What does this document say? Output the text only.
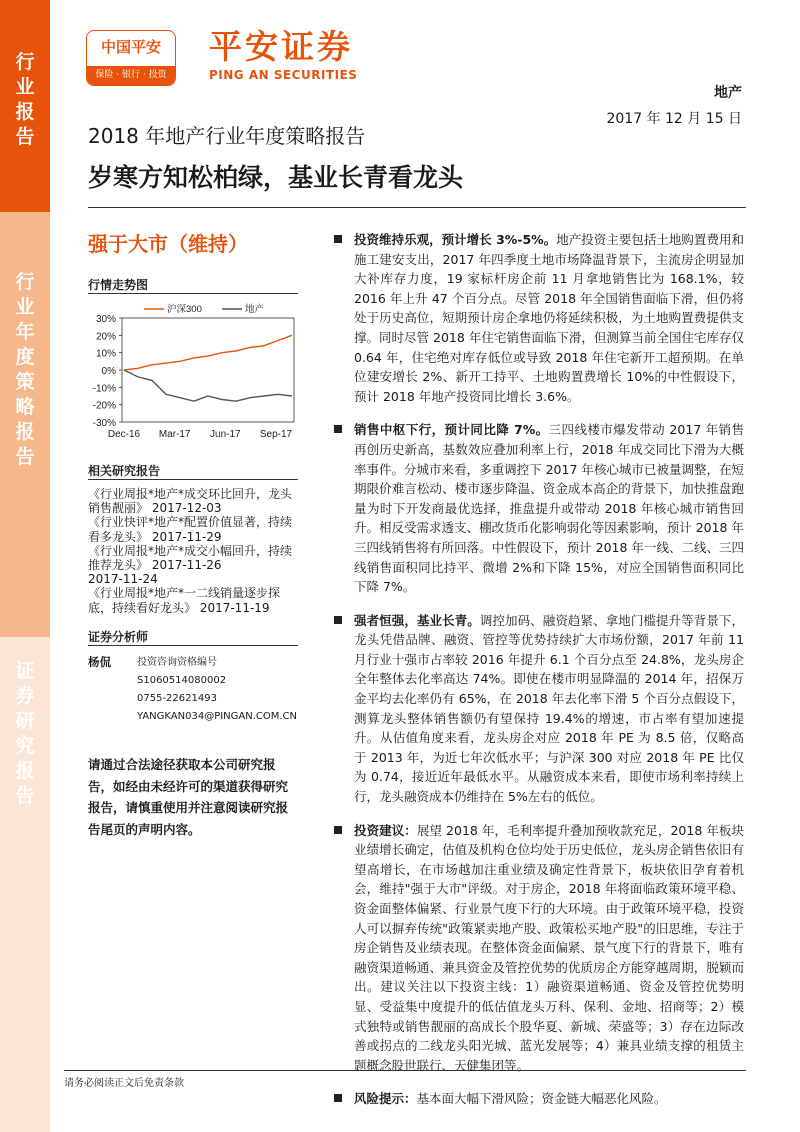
行
业
报
告
行
业
年
度
策
略
报
告
证
券
研
究
报
告
中国平安
保险 · 银行 · 投资
平安证券
PING AN SECURITIES
地产
2017 年 12 月 15 日
2018 年地产行业年度策略报告
岁寒方知松柏绿，基业长青看龙头
强于大市（维持）
行情走势图
30%
20%
10%
0%
-10%
-20%
-30%
Dec-16 Mar-17 Jun-17 Sep-17
沪深300	地产
相关研究报告
《行业周报*地产*成交环比回升，龙头销售靓丽》 2017-12-03
《行业快评*地产*配置价值显著，持续看多龙头》 2017-11-29
《行业周报*地产*成交小幅回升，持续推荐龙头》 2017-11-26
2017-11-24
《行业周报*地产*一二线销量逐步探底，持续看好龙头》 2017-11-19
证券分析师
杨侃	投资咨询资格编号
S1060514080002
0755-22621493
YANGKAN034@PINGAN.COM.CN
请通过合法途径获取本公司研究报告，如经由未经许可的渠道获得研究报告，请慎重使用并注意阅读研究报告尾页的声明内容。
投资维持乐观，预计增长 3%-5%。地产投资主要包括土地购置费用和施工建安支出，2017 年四季度土地市场降温背景下，主流房企明显加大补库存力度，19 家标杆房企前 11 月拿地销售比为 168.1%，较 2016 年上升 47 个百分点。尽管 2018 年全国销售面临下滑，但仍将处于历史高位，短期预计房企拿地仍将延续积极，为土地购置费提供支撑。同时尽管 2018 年住宅销售面临下滑，但测算当前全国住宅库存仅 0.64 年，住宅绝对库存低位或导致 2018 年住宅新开工超预期。在单位建安增长 2%、新开工持平、土地购置费增长 10%的中性假设下，预计 2018 年地产投资同比增长 3.6%。
销售中枢下行，预计同比降 7%。三四线楼市爆发带动 2017 年销售再创历史新高，基数效应叠加利率上行，2018 年成交同比下滑为大概率事件。分城市来看，多重调控下 2017 年核心城市已被量调整，在短期限价难言松动、楼市逐步降温、资金成本高企的背景下，加快推盘跑量为时下开发商最优选择，推盘提升或带动 2018 年核心城市销售回升。相反受需求透支、棚改货币化影响弱化等因素影响，预计 2018 年三四线销售将有所回落。中性假设下，预计 2018 年一线、二线、三四线销售面积同比持平、微增 2%和下降 15%，对应全国销售面积同比下降 7%。
强者恒强，基业长青。调控加码、融资趋紧、拿地门槛提升等背景下，龙头凭借品牌、融资、管控等优势持续扩大市场份额，2017 年前 11 月行业十强市占率较 2016 年提升 6.1 个百分点至 24.8%，龙头房企全年整体去化率高达 74%。即使在楼市明显降温的 2014 年，招保万金平均去化率仍有 65%，在 2018 年去化率下滑 5 个百分点假设下，测算龙头整体销售额仍有望保持 19.4%的增速，市占率有望加速提升。从估值角度来看，龙头房企对应 2018 年 PE 为 8.5 倍，仅略高于 2013 年，为近七年次低水平；与沪深 300 对应 2018 年 PE 比仅为 0.74，接近近年最低水平。从融资成本来看，即使市场利率持续上行，龙头融资成本仍维持在 5%左右的低位。
投资建议：展望 2018 年，毛利率提升叠加预收款充足，2018 年板块业绩增长确定，估值及机构仓位均处于历史低位，龙头房企销售依旧有望高增长，在市场越加注重业绩及确定性背景下，板块依旧孕育着机会，维持"强于大市"评级。对于房企，2018 年将面临政策环境平稳、资金面整体偏紧、行业景气度下行的大环境。由于政策环境平稳，投资人可以摒弃传统"政策紧卖地产股、政策松买地产股"的旧思维，专注于房企销售及业绩表现。在整体资金面偏紧、景气度下行的背景下，唯有融资渠道畅通、兼具资金及管控优势的优质房企方能穿越周期，脱颖而出。建议关注以下投资主线：1）融资渠道畅通、资金及管控优势明显、受益集中度提升的低估值龙头万科、保利、金地、招商等；2）模式独特或销售靓丽的高成长个股华夏、新城、荣盛等；3）存在边际改善或拐点的二线龙头阳光城、蓝光发展等；4）兼具业绩支撑的租赁主题概念股世联行、天健集团等。
风险提示：基本面大幅下滑风险；资金链大幅恶化风险。
请务必阅读正文后免责条款
